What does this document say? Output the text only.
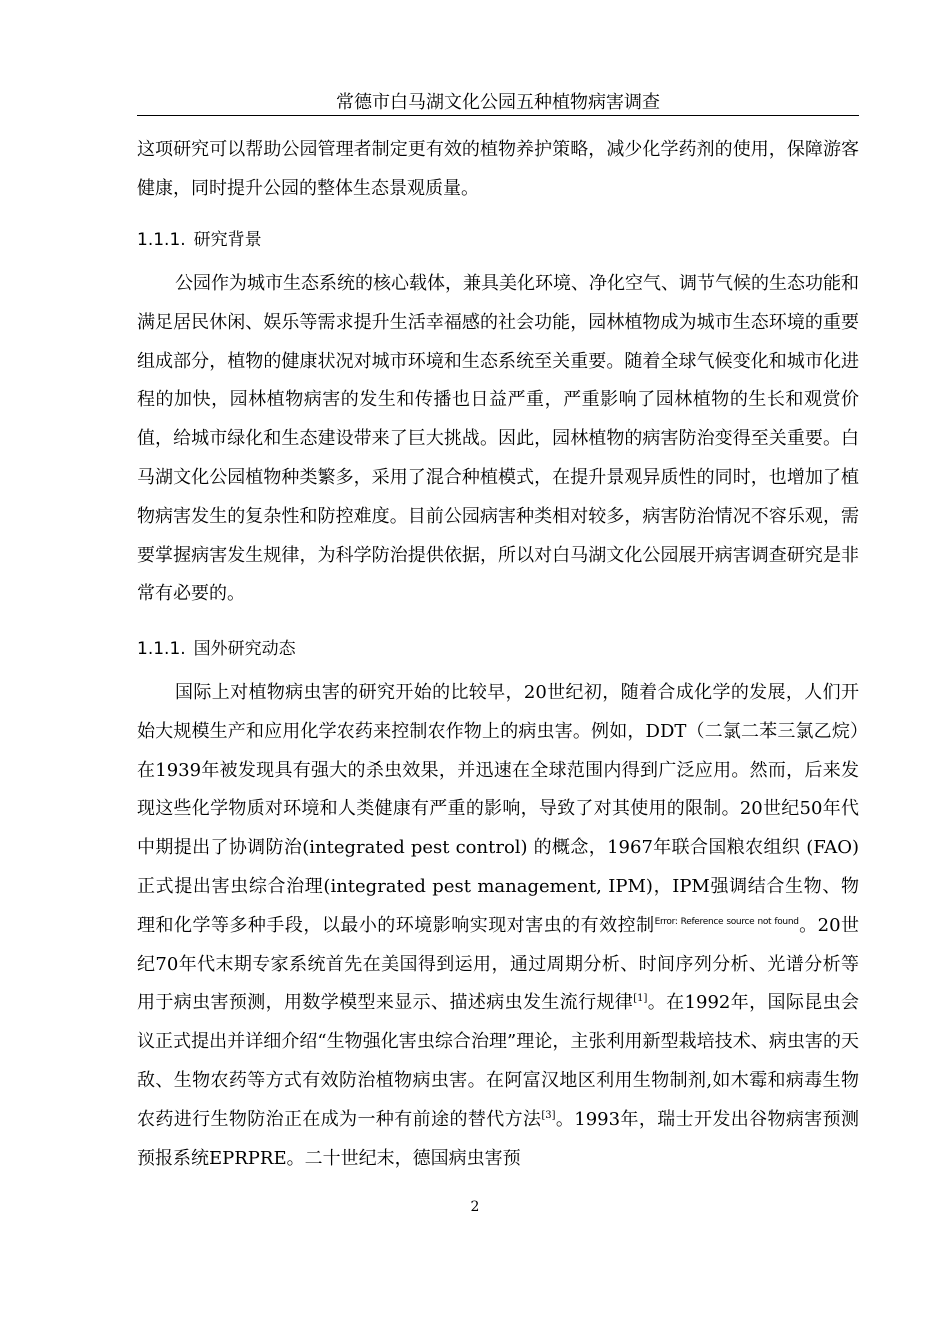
常德市白马湖文化公园五种植物病害调查

这项研究可以帮助公园管理者制定更有效的植物养护策略，减少化学药剂的使用，保障游客健康，同时提升公园的整体生态景观质量。

1.1.1. 研究背景

公园作为城市生态系统的核心载体，兼具美化环境、净化空气、调节气候的生态功能和满足居民休闲、娱乐等需求提升生活幸福感的社会功能，园林植物成为城市生态环境的重要组成部分，植物的健康状况对城市环境和生态系统至关重要。随着全球气候变化和城市化进程的加快，园林植物病害的发生和传播也日益严重，严重影响了园林植物的生长和观赏价值，给城市绿化和生态建设带来了巨大挑战。因此，园林植物的病害防治变得至关重要。白马湖文化公园植物种类繁多，采用了混合种植模式，在提升景观异质性的同时，也增加了植物病害发生的复杂性和防控难度。目前公园病害种类相对较多，病害防治情况不容乐观，需要掌握病害发生规律，为科学防治提供依据，所以对白马湖文化公园展开病害调查研究是非常有必要的。

1.1.1. 国外研究动态

国际上对植物病虫害的研究开始的比较早，20世纪初，随着合成化学的发展，人们开始大规模生产和应用化学农药来控制农作物上的病虫害。例如，DDT（二氯二苯三氯乙烷）在1939年被发现具有强大的杀虫效果，并迅速在全球范围内得到广泛应用。然而，后来发现这些化学物质对环境和人类健康有严重的影响，导致了对其使用的限制。20世纪50年代中期提出了协调防治(integrated pest control) 的概念，1967年联合国粮农组织 (FAO) 正式提出害虫综合治理(integrated pest management, IPM)，IPM强调结合生物、物理和化学等多种手段，以最小的环境影响实现对害虫的有效控制$^{Error: Reference source not found}$。20世纪70年代末期专家系统首先在美国得到运用，通过周期分析、时间序列分析、光谱分析等用于病虫害预测，用数学模型来显示、描述病虫发生流行规律[1]。在1992年，国际昆虫会议正式提出并详细介绍“生物强化害虫综合治理”理论，主张利用新型栽培技术、病虫害的天敌、生物农药等方式有效防治植物病虫害。在阿富汉地区利用生物制剂,如木霉和病毒生物农药进行生物防治正在成为一种有前途的替代方法[3]。1993年，瑞士开发出谷物病害预测预报系统EPRPRE。二十世纪末，德国病虫害预

2
